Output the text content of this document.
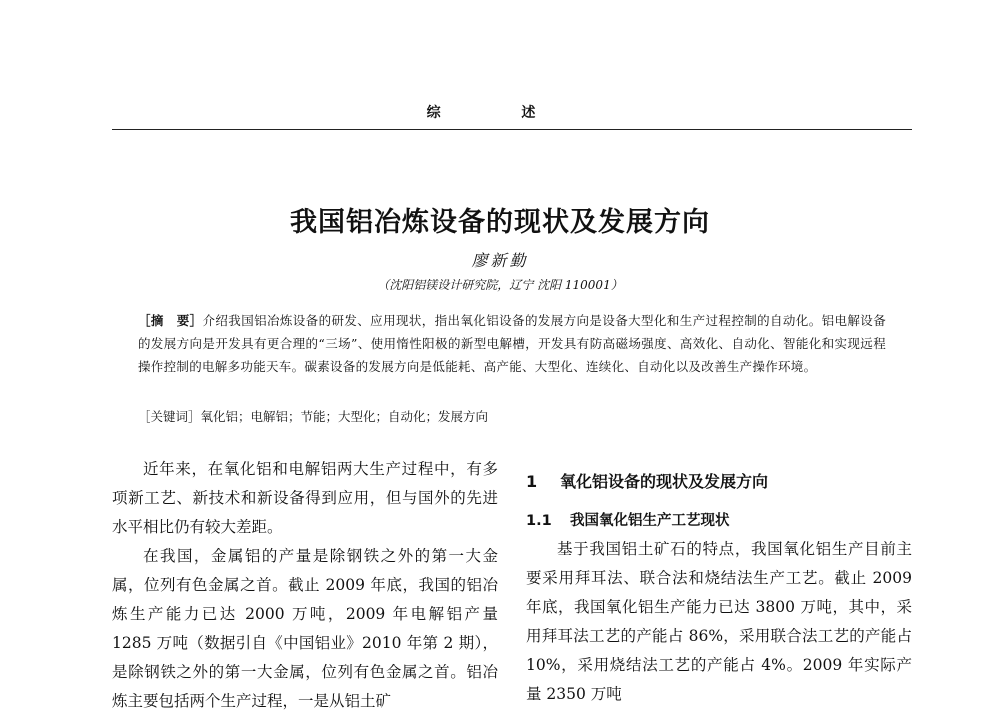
综 述
我国铝冶炼设备的现状及发展方向
廖新勤
（沈阳铝镁设计研究院，辽宁 沈阳 110001）
［摘　要］介绍我国铝冶炼设备的研发、应用现状，指出氧化铝设备的发展方向是设备大型化和生产过程控制的自动化。铝电解设备的发展方向是开发具有更合理的“三场”、使用惰性阳极的新型电解槽，开发具有防高磁场强度、高效化、自动化、智能化和实现远程操作控制的电解多功能天车。碳素设备的发展方向是低能耗、高产能、大型化、连续化、自动化以及改善生产操作环境。
［关键词］氧化铝；电解铝；节能；大型化；自动化；发展方向

近年来，在氧化铝和电解铝两大生产过程中，有多项新工艺、新技术和新设备得到应用，但与国外的先进水平相比仍有较大差距。

在我国，金属铝的产量是除钢铁之外的第一大金属，位列有色金属之首。截止 2009 年底，我国的铝冶炼生产能力已达 2000 万吨，2009 年电解铝产量 1285 万吨（数据引自《中国铝业》2010 年第 2 期），是除钢铁之外的第一大金属，位列有色金属之首。铝冶炼主要包括两个生产过程，一是从铝土矿

1 氧化铝设备的现状及发展方向
1.1 我国氧化铝生产工艺现状

基于我国铝土矿石的特点，我国氧化铝生产目前主要采用拜耳法、联合法和烧结法生产工艺。截止 2009 年底，我国氧化铝生产能力已达 3800 万吨，其中，采用拜耳法工艺的产能占 86%，采用联合法工艺的产能占 10%，采用烧结法工艺的产能占 4%。2009 年实际产量 2350 万吨
